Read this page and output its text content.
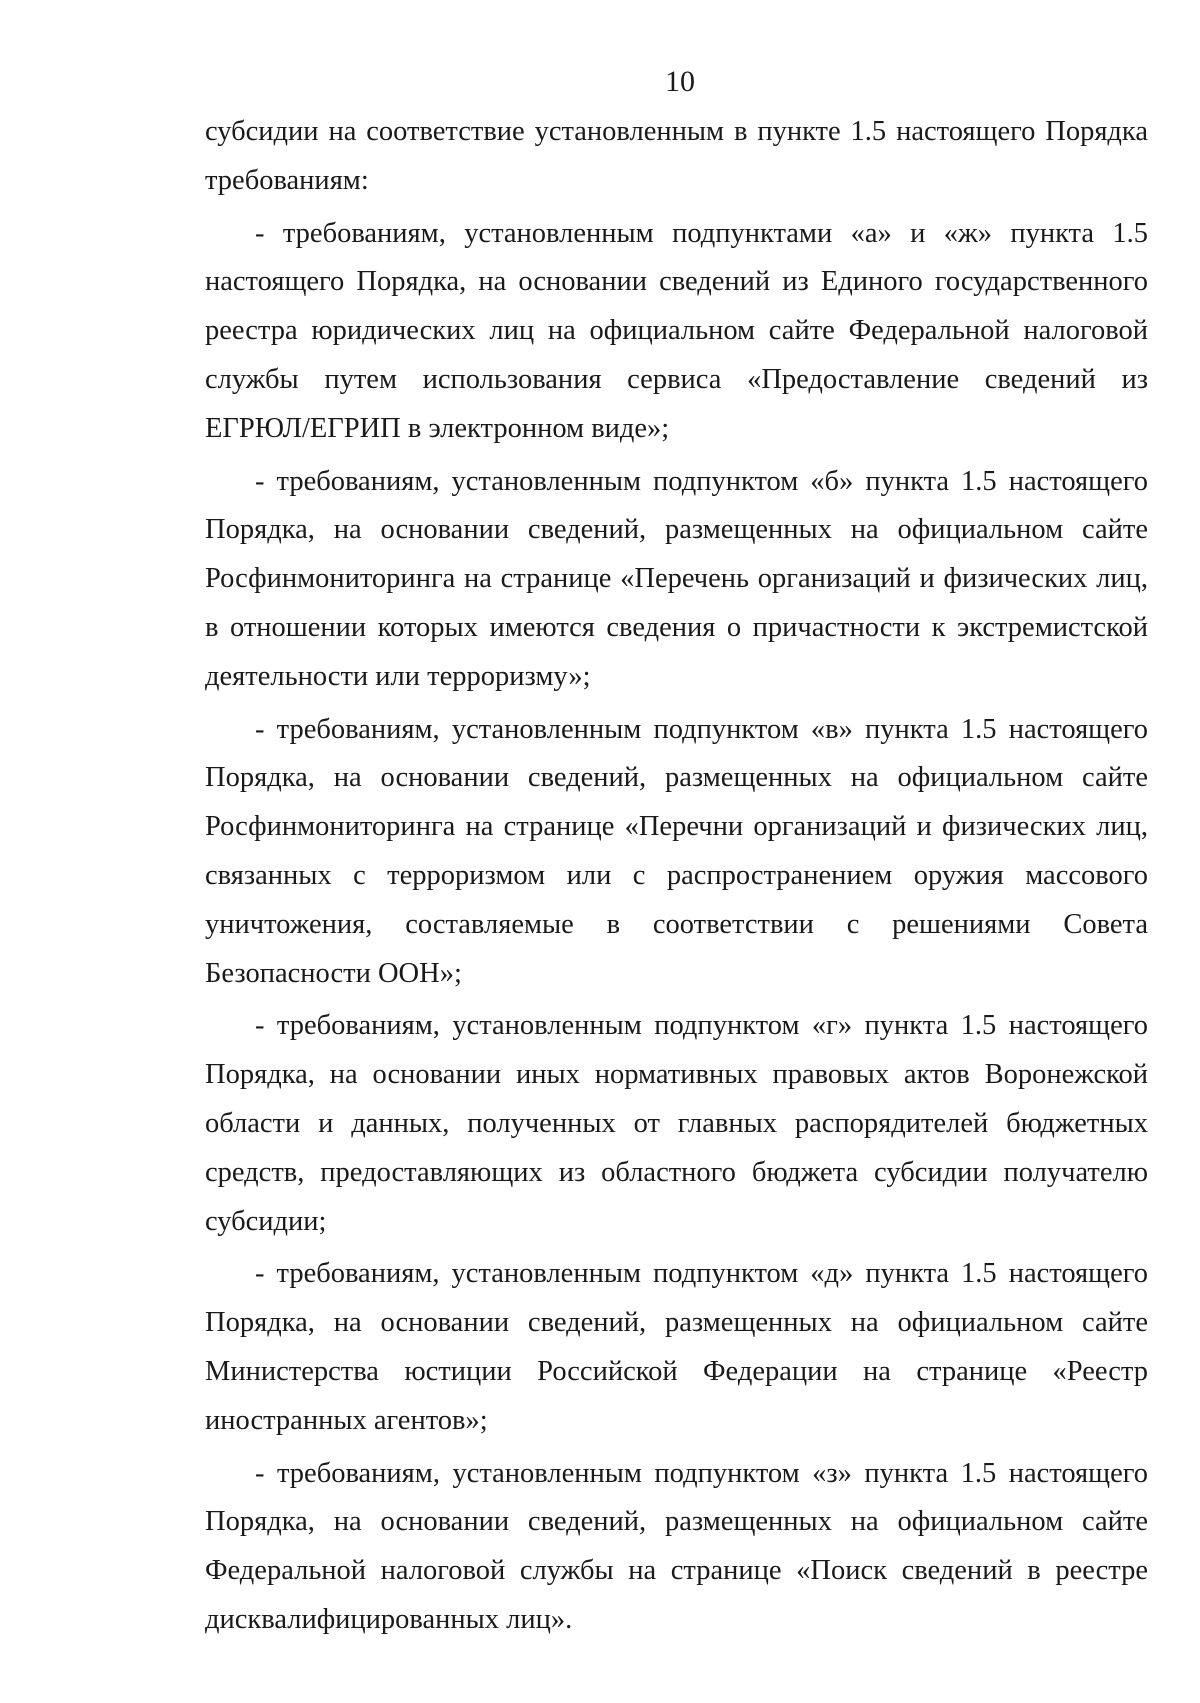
10

субсидии на соответствие установленным в пункте 1.5 настоящего Порядка требованиям:

- требованиям, установленным подпунктами «а» и «ж» пункта 1.5 настоящего Порядка, на основании сведений из Единого государственного реестра юридических лиц на официальном сайте Федеральной налоговой службы путем использования сервиса «Предоставление сведений из ЕГРЮЛ/ЕГРИП в электронном виде»;

- требованиям, установленным подпунктом «б» пункта 1.5 настоящего Порядка, на основании сведений, размещенных на официальном сайте Росфинмониторинга на странице «Перечень организаций и физических лиц, в отношении которых имеются сведения о причастности к экстремистской деятельности или терроризму»;

- требованиям, установленным подпунктом «в» пункта 1.5 настоящего Порядка, на основании сведений, размещенных на официальном сайте Росфинмониторинга на странице «Перечни организаций и физических лиц, связанных с терроризмом или с распространением оружия массового уничтожения, составляемые в соответствии с решениями Совета Безопасности ООН»;

- требованиям, установленным подпунктом «г» пункта 1.5 настоящего Порядка, на основании иных нормативных правовых актов Воронежской области и данных, полученных от главных распорядителей бюджетных средств, предоставляющих из областного бюджета субсидии получателю субсидии;

- требованиям, установленным подпунктом «д» пункта 1.5 настоящего Порядка, на основании сведений, размещенных на официальном сайте Министерства юстиции Российской Федерации на странице «Реестр иностранных агентов»;

- требованиям, установленным подпунктом «з» пункта 1.5 настоящего Порядка, на основании сведений, размещенных на официальном сайте Федеральной налоговой службы на странице «Поиск сведений в реестре дисквалифицированных лиц».
